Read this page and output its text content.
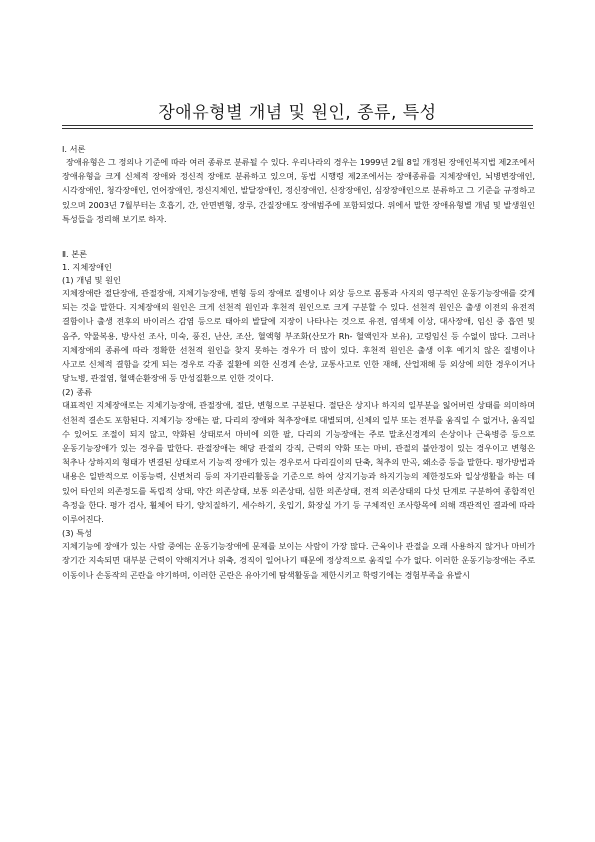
장애유형별 개념 및 원인, 종류, 특성

Ⅰ. 서론

장애유형은 그 정의나 기준에 따라 여러 종류로 분류될 수 있다. 우리나라의 경우는 1999년 2월 8일 개정된 장애인복지법 제2조에서 장애유형을 크게 신체적 장애와 정신적 장애로 분류하고 있으며, 동법 시행령 제2조에서는 장애종류를 지체장애인, 뇌병변장애인, 시각장애인, 청각장애인, 언어장애인, 정신지체인, 발달장애인, 정신장애인, 신장장애인, 심장장애인으로 분류하고 그 기준을 규정하고 있으며 2003년 7월부터는 호흡기, 간, 안면변형, 장루, 간질장애도 장애범주에 포함되었다. 위에서 말한 장애유형별 개념 및 발생원인 특성들을 정리해 보기로 하자.

Ⅱ. 본론

1. 지체장애인

(1) 개념 및 원인

지체장애란 절단장애, 관절장애, 지체기능장애, 변형 등의 장애로 질병이나 외상 등으로 몸통과 사지의 영구적인 운동기능장애를 갖게 되는 것을 말한다. 지체장애의 원인은 크게 선천적 원인과 후천적 원인으로 크게 구분할 수 있다. 선천적 원인은 출생 이전의 유전적 결함이나 출생 전후의 바이러스 감염 등으로 태아의 발달에 지장이 나타나는 것으로 유전, 염색체 이상, 대사장애, 임신 중 흡연 및 음주, 약물복용, 방사선 조사, 미숙, 풍진, 난산, 조산, 혈액형 부조화(산모가 Rh- 혈액인자 보유), 고령임신 등 수없이 많다. 그러나 지체장애의 종류에 따라 정확한 선천적 원인을 찾지 못하는 경우가 더 많이 있다. 후천적 원인은 출생 이후 예기치 않은 질병이나 사고로 신체적 결함을 갖게 되는 경우로 각종 질환에 의한 신경계 손상, 교통사고로 인한 재해, 산업재해 등 외상에 의한 경우이거나 당뇨병, 관절염, 혈액순환장애 등 만성질환으로 인한 것이다.

(2) 종류

대표적인 지체장애로는 지체기능장애, 관절장애, 절단, 변형으로 구분된다. 절단은 상지나 하지의 일부분을 잃어버린 상태를 의미하며 선천적 결손도 포함된다. 지체기능 장애는 팔, 다리의 장애와 척추장애로 대별되며, 신체의 일부 또는 전부를 움직일 수 없거나, 움직일 수 있어도 조절이 되지 않고, 약화된 상태로서 마비에 의한 팔, 다리의 기능장애는 주로 말초신경계의 손상이나 근육병증 등으로 운동기능장애가 있는 경우를 말한다. 관절장애는 해당 관절의 강직, 근력의 약화 또는 마비, 관절의 불안정이 있는 경우이고 변형은 척추나 상하지의 형태가 변결된 상태로서 기능적 장애가 있는 경우로서 다리길이의 단축, 척추의 만곡, 왜소증 등을 말한다. 평가방법과 내용은 일반적으로 이동능력, 신변처리 등의 자기관리활동을 기준으로 하여 상지기능과 하지기능의 제한정도와 일상생활을 하는 데 있어 타인의 의존정도를 독립적 상태, 약간 의존상태, 보통 의존상태, 심한 의존상태, 전적 의존상태의 다섯 단계로 구분하여 종합적인 측정을 한다. 평가 검사, 휠체어 타기, 양치질하기, 세수하기, 옷입기, 화장실 가기 등 구체적인 조사항목에 의해 객관적인 결과에 따라 이루어진다.

(3) 특성

지체기능에 장애가 있는 사람 중에는 운동기능장애에 문제를 보이는 사람이 가장 많다. 근육이나 관절을 오래 사용하지 않거나 마비가 장기간 지속되면 대부분 근력이 약해지거나 위축, 경직이 일어나기 때문에 정상적으로 움직일 수가 없다. 이러한 운동기능장애는 주로 이동이나 손동작의 곤란을 야기하며, 이러한 곤란은 유아기에 탐색활동을 제한시키고 학령기에는 경험부족을 유발시
